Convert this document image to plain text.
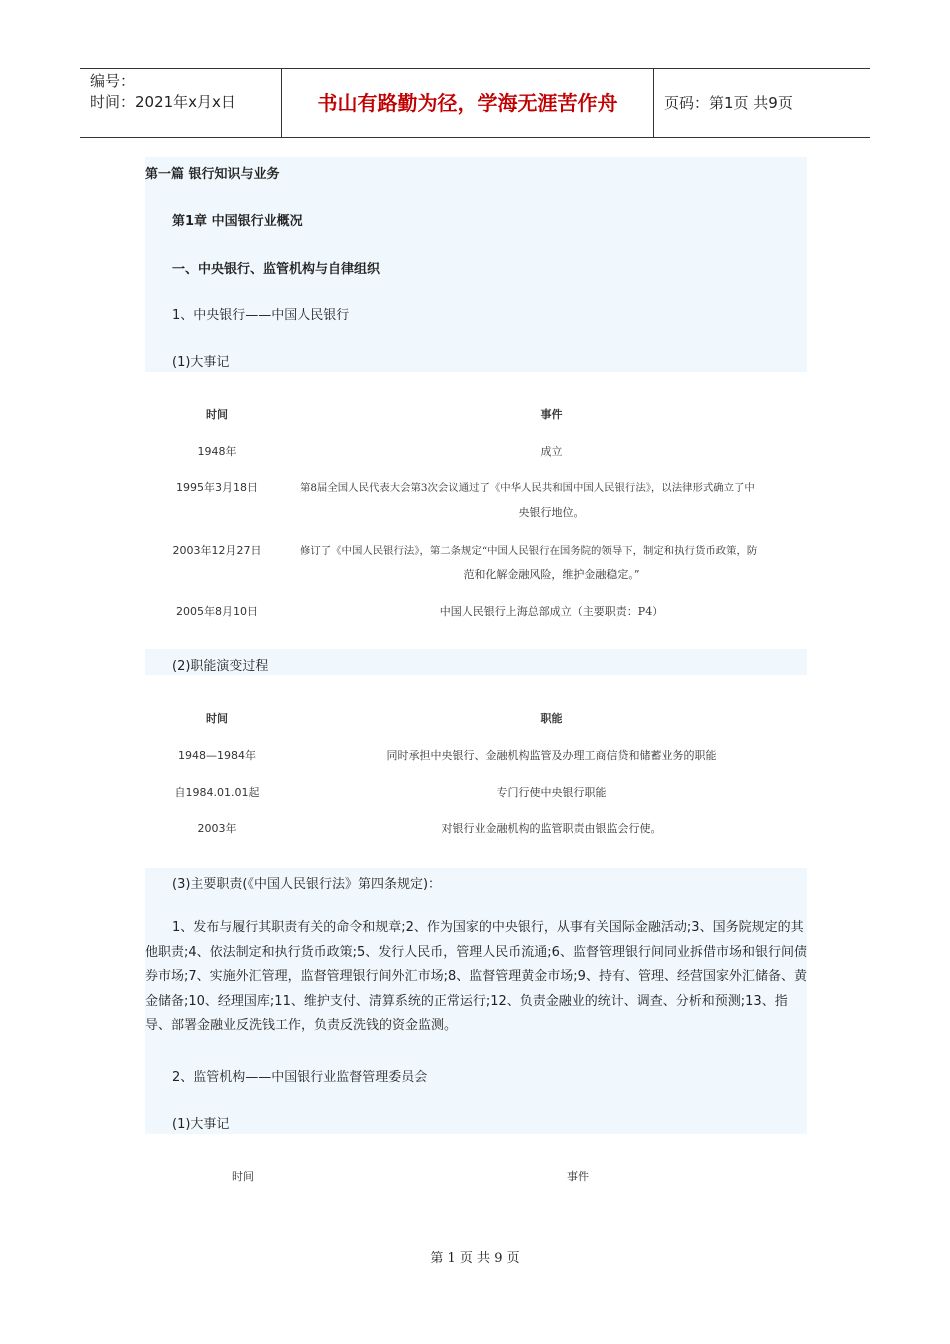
编号：
时间：2021年x月x日	书山有路勤为径，学海无涯苦作舟	页码：第1页 共9页
第一篇 银行知识与业务
第1章 中国银行业概况
一、中央银行、监管机构与自律组织
1、中央银行——中国人民银行
(1)大事记
时间	事件
1948年	成立
1995年3月18日	第8届全国人民代表大会第3次会议通过了《中华人民共和国中国人民银行法》，以法律形式确立了中
央银行地位。
2003年12月27日	修订了《中国人民银行法》，第二条规定“中国人民银行在国务院的领导下，制定和执行货币政策，防
范和化解金融风险，维护金融稳定。”
2005年8月10日	中国人民银行上海总部成立（主要职责：P4）
(2)职能演变过程
时间	职能
1948—1984年	同时承担中央银行、金融机构监管及办理工商信贷和储蓄业务的职能
自1984.01.01起	专门行使中央银行职能
2003年	对银行业金融机构的监管职责由银监会行使。
(3)主要职责(《中国人民银行法》第四条规定)：
1、发布与履行其职责有关的命令和规章;2、作为国家的中央银行，从事有关国际金融活动;3、国务院规定的其他职责;4、依法制定和执行货币政策;5、发行人民币，管理人民币流通;6、监督管理银行间同业拆借市场和银行间债券市场;7、实施外汇管理，监督管理银行间外汇市场;8、监督管理黄金市场;9、持有、管理、经营国家外汇储备、黄金储备;10、经理国库;11、维护支付、清算系统的正常运行;12、负责金融业的统计、调查、分析和预测;13、指导、部署金融业反洗钱工作，负责反洗钱的资金监测。
2、监管机构——中国银行业监督管理委员会
(1)大事记
时间	事件
第 1 页 共 9 页
